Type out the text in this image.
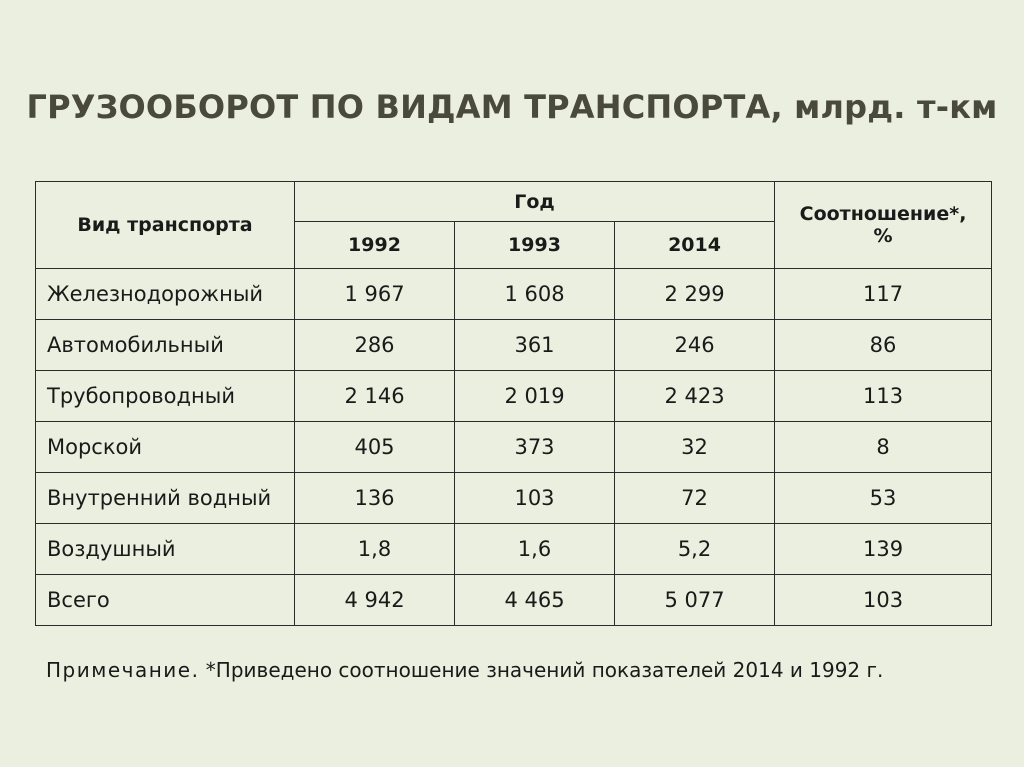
ГРУЗООБОРОТ ПО ВИДАМ ТРАНСПОРТА, млрд. т-км
Вид транспорта	Год			Соотношение*, %
	1992	1993	2014	
Железнодорожный	1 967	1 608	2 299	117
Автомобильный	286	361	246	86
Трубопроводный	2 146	2 019	2 423	113
Морской	405	373	32	8
Внутренний водный	136	103	72	53
Воздушный	1,8	1,6	5,2	139
Всего	4 942	4 465	5 077	103
Примечание. *Приведено соотношение значений показателей 2014 и 1992 г.
